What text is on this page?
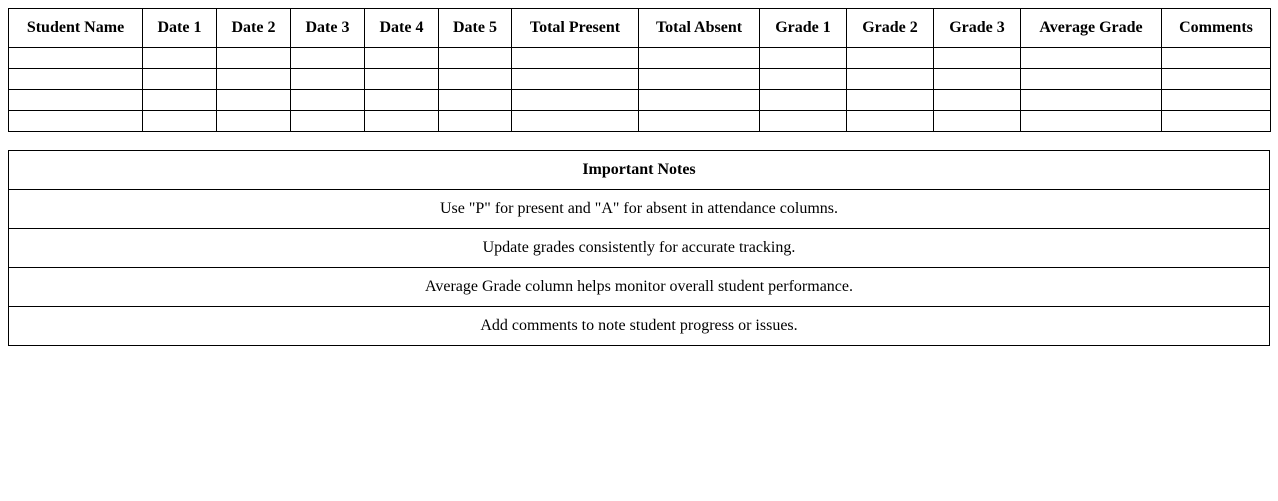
Student Name	Date 1	Date 2	Date 3	Date 4	Date 5	Total Present	Total Absent	Grade 1	Grade 2	Grade 3	Average Grade	Comments

Important Notes
Use "P" for present and "A" for absent in attendance columns.
Update grades consistently for accurate tracking.
Average Grade column helps monitor overall student performance.
Add comments to note student progress or issues.
